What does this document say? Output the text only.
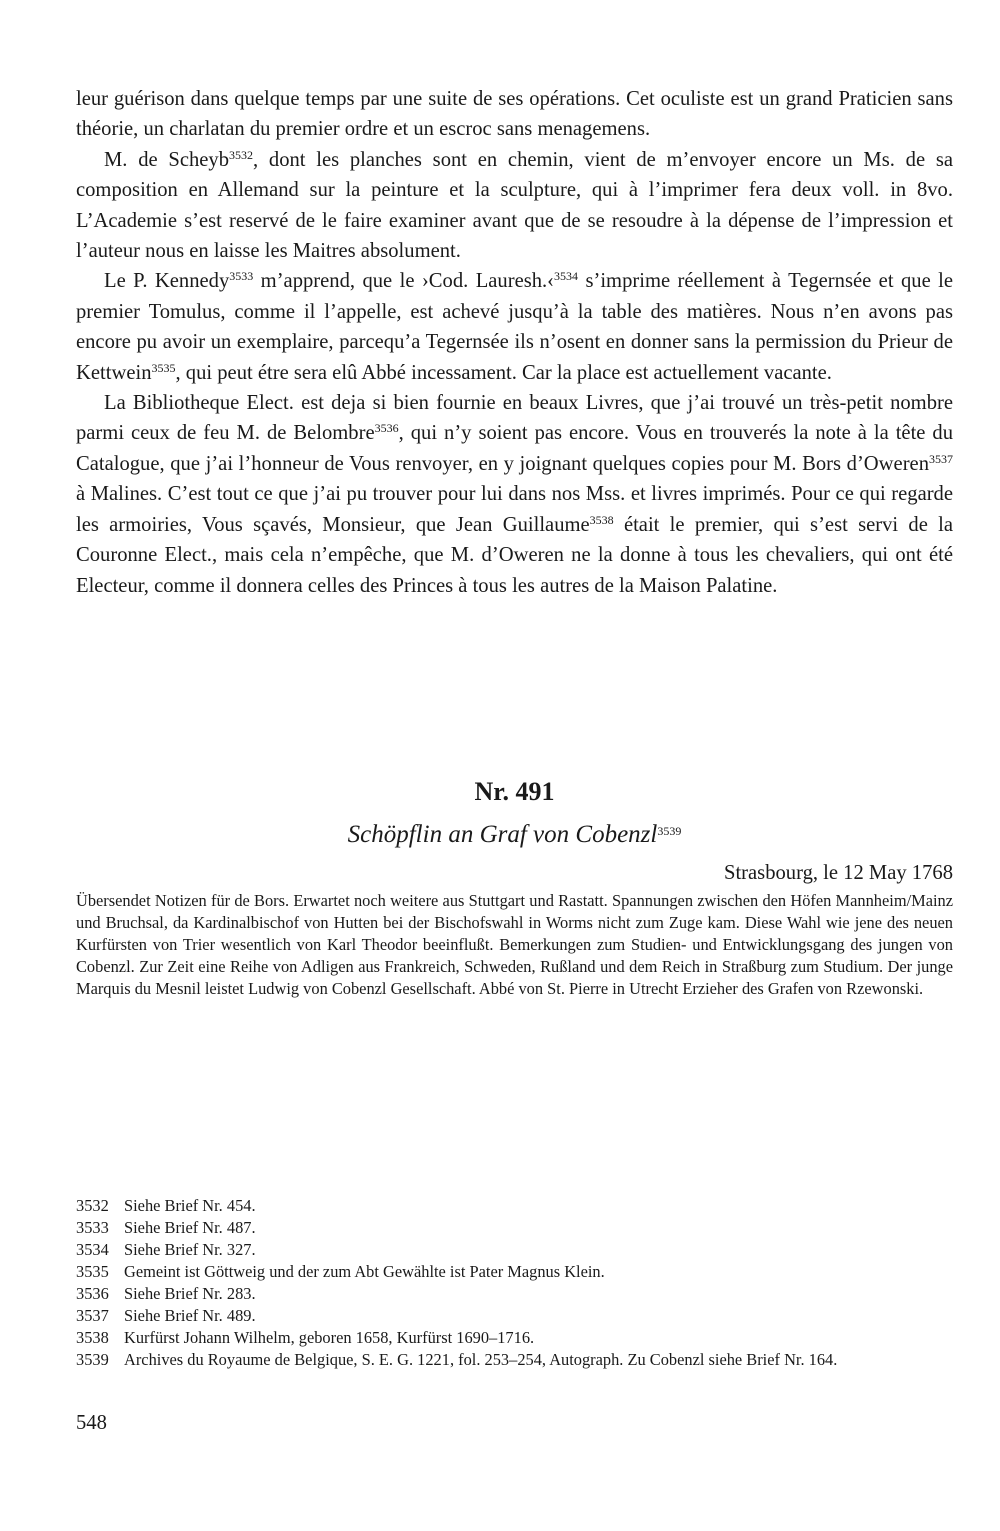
leur guérison dans quelque temps par une suite de ses opérations. Cet oculiste est un grand Praticien sans théorie, un charlatan du premier ordre et un escroc sans menagemens.

M. de Scheyb$^{3532}$, dont les planches sont en chemin, vient de m’envoyer encore un Ms. de sa composition en Allemand sur la peinture et la sculpture, qui à l’imprimer fera deux voll. in 8vo. L’Academie s’est reservé de le faire examiner avant que de se resoudre à la dépense de l’impression et l’auteur nous en laisse les Maitres absolument.

Le P. Kennedy$^{3533}$ m’apprend, que le ›Cod. Lauresh.‹$^{3534}$ s’imprime réellement à Tegernsée et que le premier Tomulus, comme il l’appelle, est achevé jusqu’à la table des matières. Nous n’en avons pas encore pu avoir un exemplaire, parcequ’a Tegernsée ils n’osent en donner sans la permission du Prieur de Kettwein$^{3535}$, qui peut étre sera elû Abbé incessament. Car la place est actuellement vacante.

La Bibliotheque Elect. est deja si bien fournie en beaux Livres, que j’ai trouvé un très-petit nombre parmi ceux de feu M. de Belombre$^{3536}$, qui n’y soient pas encore. Vous en trouverés la note à la tête du Catalogue, que j’ai l’honneur de Vous renvoyer, en y joignant quelques copies pour M. Bors d’Oweren$^{3537}$ à Malines. C’est tout ce que j’ai pu trouver pour lui dans nos Mss. et livres imprimés. Pour ce qui regarde les armoiries, Vous sçavés, Monsieur, que Jean Guillaume$^{3538}$ était le premier, qui s’est servi de la Couronne Elect., mais cela n’empêche, que M. d’Oweren ne la donne à tous les chevaliers, qui ont été Electeur, comme il donnera celles des Princes à tous les autres de la Maison Palatine.

Nr. 491

Schöpflin an Graf von Cobenzl$^{3539}$

Strasbourg, le 12 May 1768

Übersendet Notizen für de Bors. Erwartet noch weitere aus Stuttgart und Rastatt. Spannungen zwischen den Höfen Mannheim/Mainz und Bruchsal, da Kardinalbischof von Hutten bei der Bischofswahl in Worms nicht zum Zuge kam. Diese Wahl wie jene des neuen Kurfürsten von Trier wesentlich von Karl Theodor beeinflußt. Bemerkungen zum Studien- und Entwicklungsgang des jungen von Cobenzl. Zur Zeit eine Reihe von Adligen aus Frankreich, Schweden, Rußland und dem Reich in Straßburg zum Studium. Der junge Marquis du Mesnil leistet Ludwig von Cobenzl Gesellschaft. Abbé von St. Pierre in Utrecht Erzieher des Grafen von Rzewonski.

3532 Siehe Brief Nr. 454.
3533 Siehe Brief Nr. 487.
3534 Siehe Brief Nr. 327.
3535 Gemeint ist Göttweig und der zum Abt Gewählte ist Pater Magnus Klein.
3536 Siehe Brief Nr. 283.
3537 Siehe Brief Nr. 489.
3538 Kurfürst Johann Wilhelm, geboren 1658, Kurfürst 1690–1716.
3539 Archives du Royaume de Belgique, S. E. G. 1221, fol. 253–254, Autograph. Zu Cobenzl siehe Brief Nr. 164.

548
